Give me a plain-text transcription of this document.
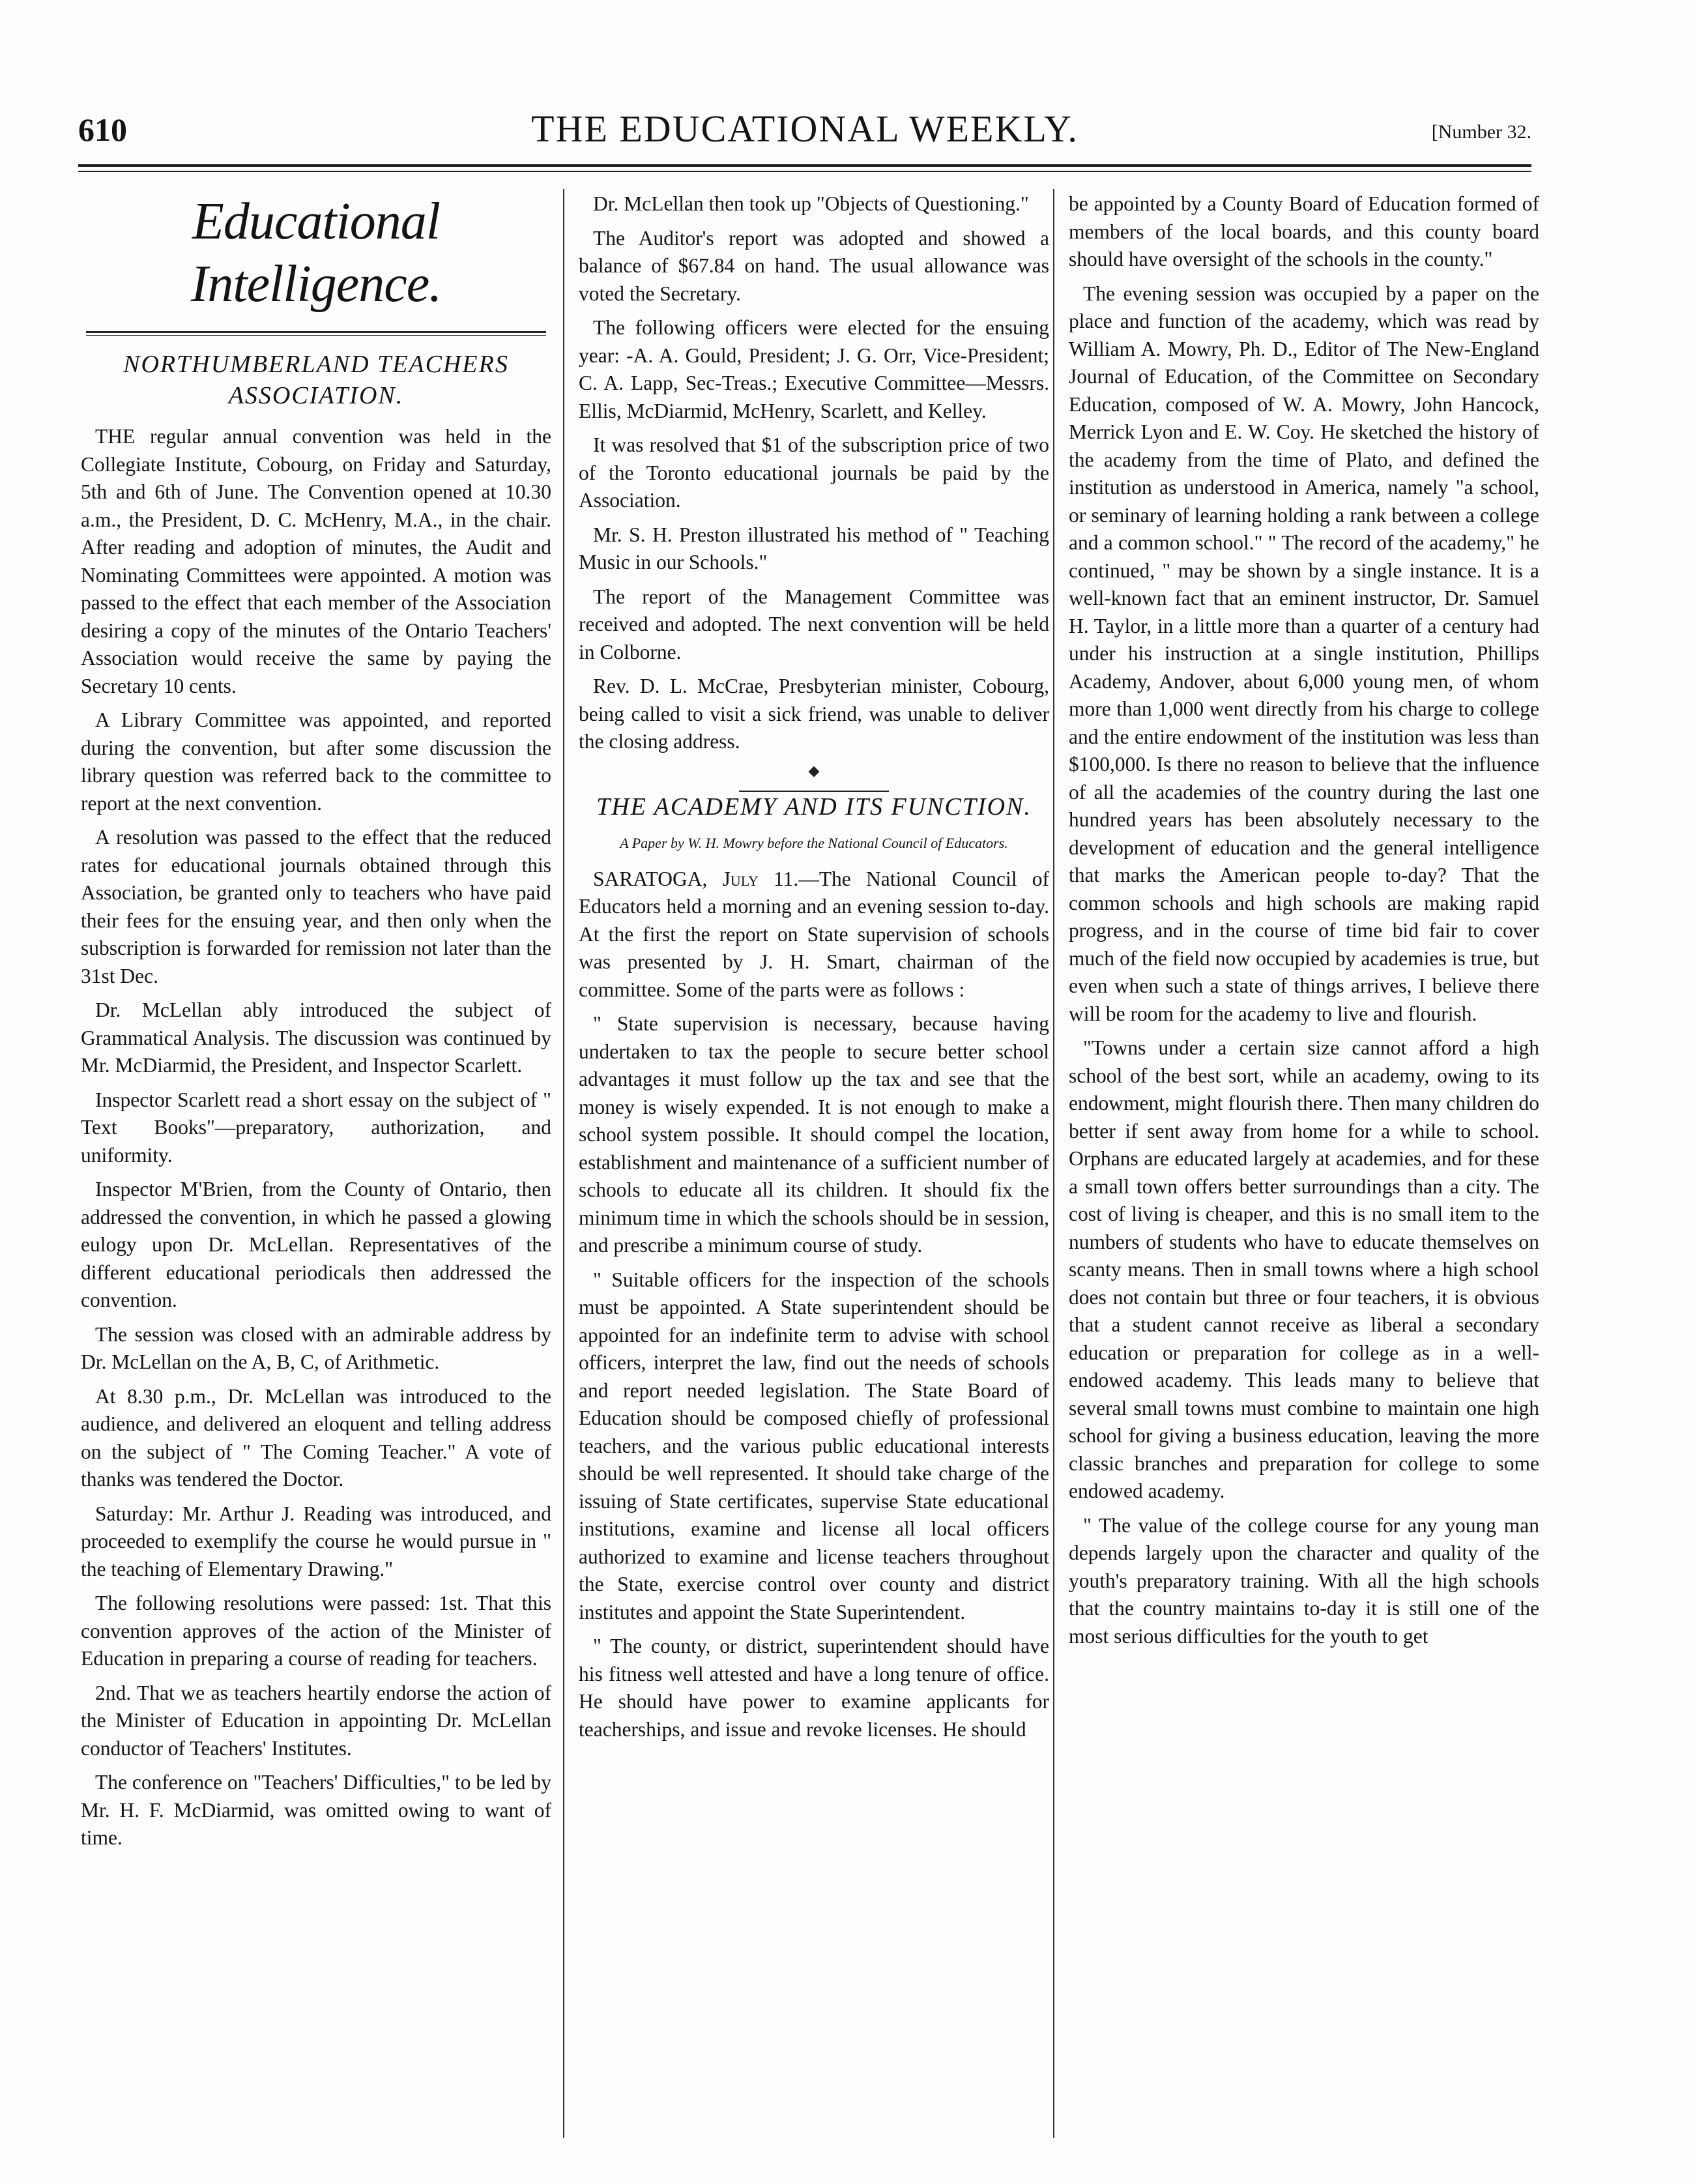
610	THE EDUCATIONAL WEEKLY.	[Number 32.
Educational Intelligence.
NORTHUMBERLAND TEACHERS ASSOCIATION.

THE regular annual convention was held in the Collegiate Institute, Cobourg, on Friday and Saturday, 5th and 6th of June. The Convention opened at 10.30 a.m., the President, D. C. McHenry, M.A., in the chair. After reading and adoption of minutes, the Audit and Nominating Committees were appointed. A motion was passed to the effect that each member of the Association desiring a copy of the minutes of the Ontario Teachers' Association would receive the same by paying the Secretary 10 cents.

A Library Committee was appointed, and reported during the convention, but after some discussion the library question was referred back to the committee to report at the next convention.

A resolution was passed to the effect that the reduced rates for educational journals obtained through this Association, be granted only to teachers who have paid their fees for the ensuing year, and then only when the subscription is forwarded for remission not later than the 31st Dec.

Dr. McLellan ably introduced the subject of Grammatical Analysis. The discussion was continued by Mr. McDiarmid, the President, and Inspector Scarlett.

Inspector Scarlett read a short essay on the subject of " Text Books"—preparatory, authorization, and uniformity.

Inspector M'Brien, from the County of Ontario, then addressed the convention, in which he passed a glowing eulogy upon Dr. McLellan. Representatives of the different educational periodicals then addressed the convention.

The session was closed with an admirable address by Dr. McLellan on the A, B, C, of Arithmetic.

At 8.30 p.m., Dr. McLellan was introduced to the audience, and delivered an eloquent and telling address on the subject of " The Coming Teacher." A vote of thanks was tendered the Doctor.

Saturday: Mr. Arthur J. Reading was introduced, and proceeded to exemplify the course he would pursue in " the teaching of Elementary Drawing."

The following resolutions were passed: 1st. That this convention approves of the action of the Minister of Education in preparing a course of reading for teachers.

2nd. That we as teachers heartily endorse the action of the Minister of Education in appointing Dr. McLellan conductor of Teachers' Institutes.

The conference on "Teachers' Difficulties," to be led by Mr. H. F. McDiarmid, was omitted owing to want of time.

Dr. McLellan then took up "Objects of Questioning."

The Auditor's report was adopted and showed a balance of $67.84 on hand. The usual allowance was voted the Secretary.

The following officers were elected for the ensuing year: -A. A. Gould, President; J. G. Orr, Vice-President; C. A. Lapp, Sec-Treas.; Executive Committee—Messrs. Ellis, McDiarmid, McHenry, Scarlett, and Kelley.

It was resolved that $1 of the subscription price of two of the Toronto educational journals be paid by the Association.

Mr. S. H. Preston illustrated his method of " Teaching Music in our Schools."

The report of the Management Committee was received and adopted. The next convention will be held in Colborne.

Rev. D. L. McCrae, Presbyterian minister, Cobourg, being called to visit a sick friend, was unable to deliver the closing address.

THE ACADEMY AND ITS FUNCTION.
A Paper by W. H. Mowry before the National Council of Educators.

SARATOGA, July 11.—The National Council of Educators held a morning and an evening session to-day. At the first the report on State supervision of schools was presented by J. H. Smart, chairman of the committee. Some of the parts were as follows :

" State supervision is necessary, because having undertaken to tax the people to secure better school advantages it must follow up the tax and see that the money is wisely expended. It is not enough to make a school system possible. It should compel the location, establishment and maintenance of a sufficient number of schools to educate all its children. It should fix the minimum time in which the schools should be in session, and prescribe a minimum course of study.

" Suitable officers for the inspection of the schools must be appointed. A State superintendent should be appointed for an indefinite term to advise with school officers, interpret the law, find out the needs of schools and report needed legislation. The State Board of Education should be composed chiefly of professional teachers, and the various public educational interests should be well represented. It should take charge of the issuing of State certificates, supervise State educational institutions, examine and license all local officers authorized to examine and license teachers throughout the State, exercise control over county and district institutes and appoint the State Superintendent.

" The county, or district, superintendent should have his fitness well attested and have a long tenure of office. He should have power to examine applicants for teacherships, and issue and revoke licenses. He should

be appointed by a County Board of Education formed of members of the local boards, and this county board should have oversight of the schools in the county."

The evening session was occupied by a paper on the place and function of the academy, which was read by William A. Mowry, Ph. D., Editor of The New-England Journal of Education, of the Committee on Secondary Education, composed of W. A. Mowry, John Hancock, Merrick Lyon and E. W. Coy. He sketched the history of the academy from the time of Plato, and defined the institution as understood in America, namely "a school, or seminary of learning holding a rank between a college and a common school." " The record of the academy," he continued, " may be shown by a single instance. It is a well-known fact that an eminent instructor, Dr. Samuel H. Taylor, in a little more than a quarter of a century had under his instruction at a single institution, Phillips Academy, Andover, about 6,000 young men, of whom more than 1,000 went directly from his charge to college and the entire endowment of the institution was less than $100,000. Is there no reason to believe that the influence of all the academies of the country during the last one hundred years has been absolutely necessary to the development of education and the general intelligence that marks the American people to-day? That the common schools and high schools are making rapid progress, and in the course of time bid fair to cover much of the field now occupied by academies is true, but even when such a state of things arrives, I believe there will be room for the academy to live and flourish.

"Towns under a certain size cannot afford a high school of the best sort, while an academy, owing to its endowment, might flourish there. Then many children do better if sent away from home for a while to school. Orphans are educated largely at academies, and for these a small town offers better surroundings than a city. The cost of living is cheaper, and this is no small item to the numbers of students who have to educate themselves on scanty means. Then in small towns where a high school does not contain but three or four teachers, it is obvious that a student cannot receive as liberal a secondary education or preparation for college as in a well-endowed academy. This leads many to believe that several small towns must combine to maintain one high school for giving a business education, leaving the more classic branches and preparation for college to some endowed academy.

" The value of the college course for any young man depends largely upon the character and quality of the youth's preparatory training. With all the high schools that the country maintains to-day it is still one of the most serious difficulties for the youth to get
